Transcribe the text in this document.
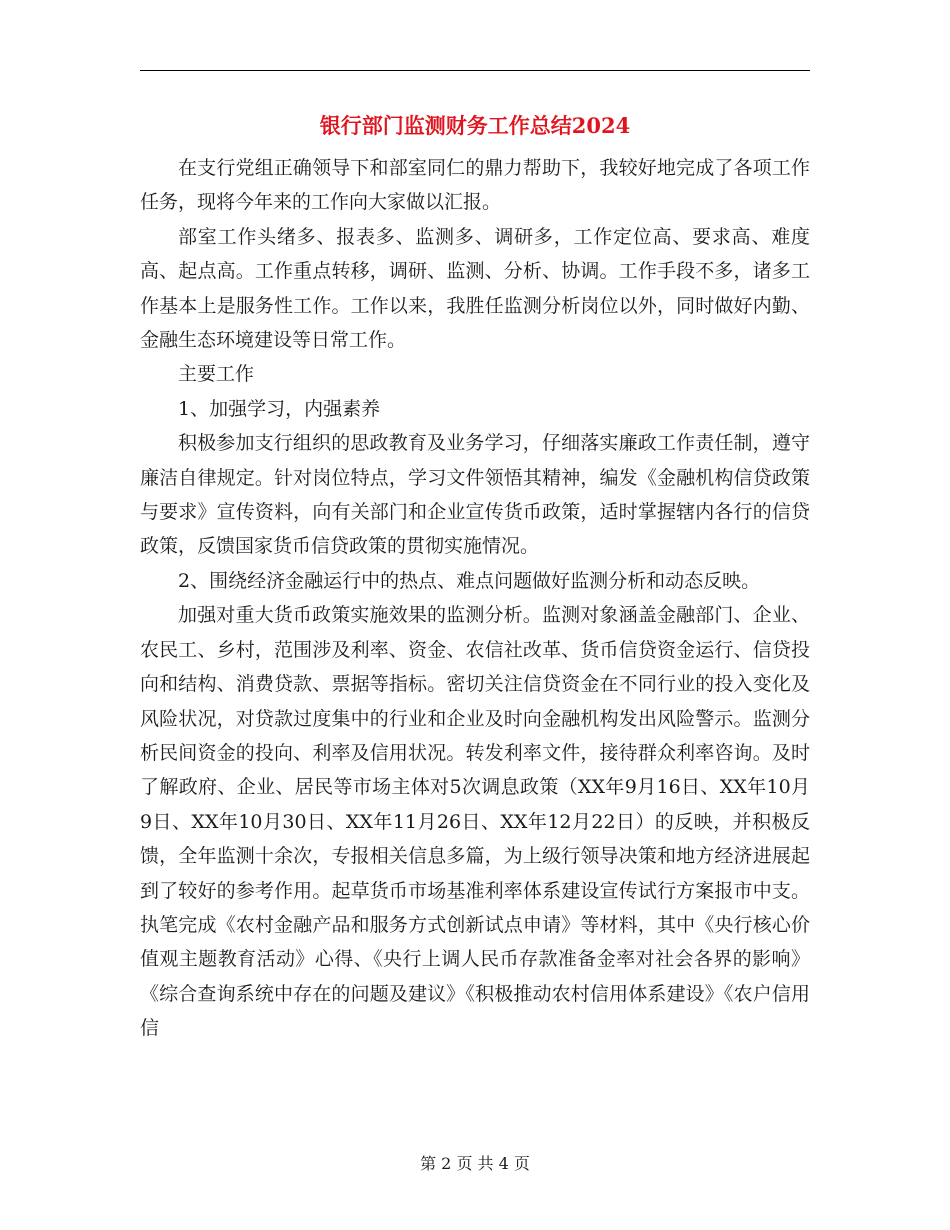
银行部门监测财务工作总结2024

在支行党组正确领导下和部室同仁的鼎力帮助下，我较好地完成了各项工作任务，现将今年来的工作向大家做以汇报。

部室工作头绪多、报表多、监测多、调研多，工作定位高、要求高、难度高、起点高。工作重点转移，调研、监测、分析、协调。工作手段不多，诸多工作基本上是服务性工作。工作以来，我胜任监测分析岗位以外，同时做好内勤、金融生态环境建设等日常工作。

主要工作

1、加强学习，内强素养

积极参加支行组织的思政教育及业务学习，仔细落实廉政工作责任制，遵守廉洁自律规定。针对岗位特点，学习文件领悟其精神，编发《金融机构信贷政策与要求》宣传资料，向有关部门和企业宣传货币政策，适时掌握辖内各行的信贷政策，反馈国家货币信贷政策的贯彻实施情况。

2、围绕经济金融运行中的热点、难点问题做好监测分析和动态反映。

加强对重大货币政策实施效果的监测分析。监测对象涵盖金融部门、企业、农民工、乡村，范围涉及利率、资金、农信社改革、货币信贷资金运行、信贷投向和结构、消费贷款、票据等指标。密切关注信贷资金在不同行业的投入变化及风险状况，对贷款过度集中的行业和企业及时向金融机构发出风险警示。监测分析民间资金的投向、利率及信用状况。转发利率文件，接待群众利率咨询。及时了解政府、企业、居民等市场主体对5次调息政策（XX年9月16日、XX年10月9日、XX年10月30日、XX年11月26日、XX年12月22日）的反映，并积极反馈，全年监测十余次，专报相关信息多篇，为上级行领导决策和地方经济进展起到了较好的参考作用。起草货币市场基准利率体系建设宣传试行方案报市中支。执笔完成《农村金融产品和服务方式创新试点申请》等材料，其中《央行核心价值观主题教育活动》心得、《央行上调人民币存款准备金率对社会各界的影响》《综合查询系统中存在的问题及建议》《积极推动农村信用体系建设》《农户信用信

第 2 页 共 4 页
